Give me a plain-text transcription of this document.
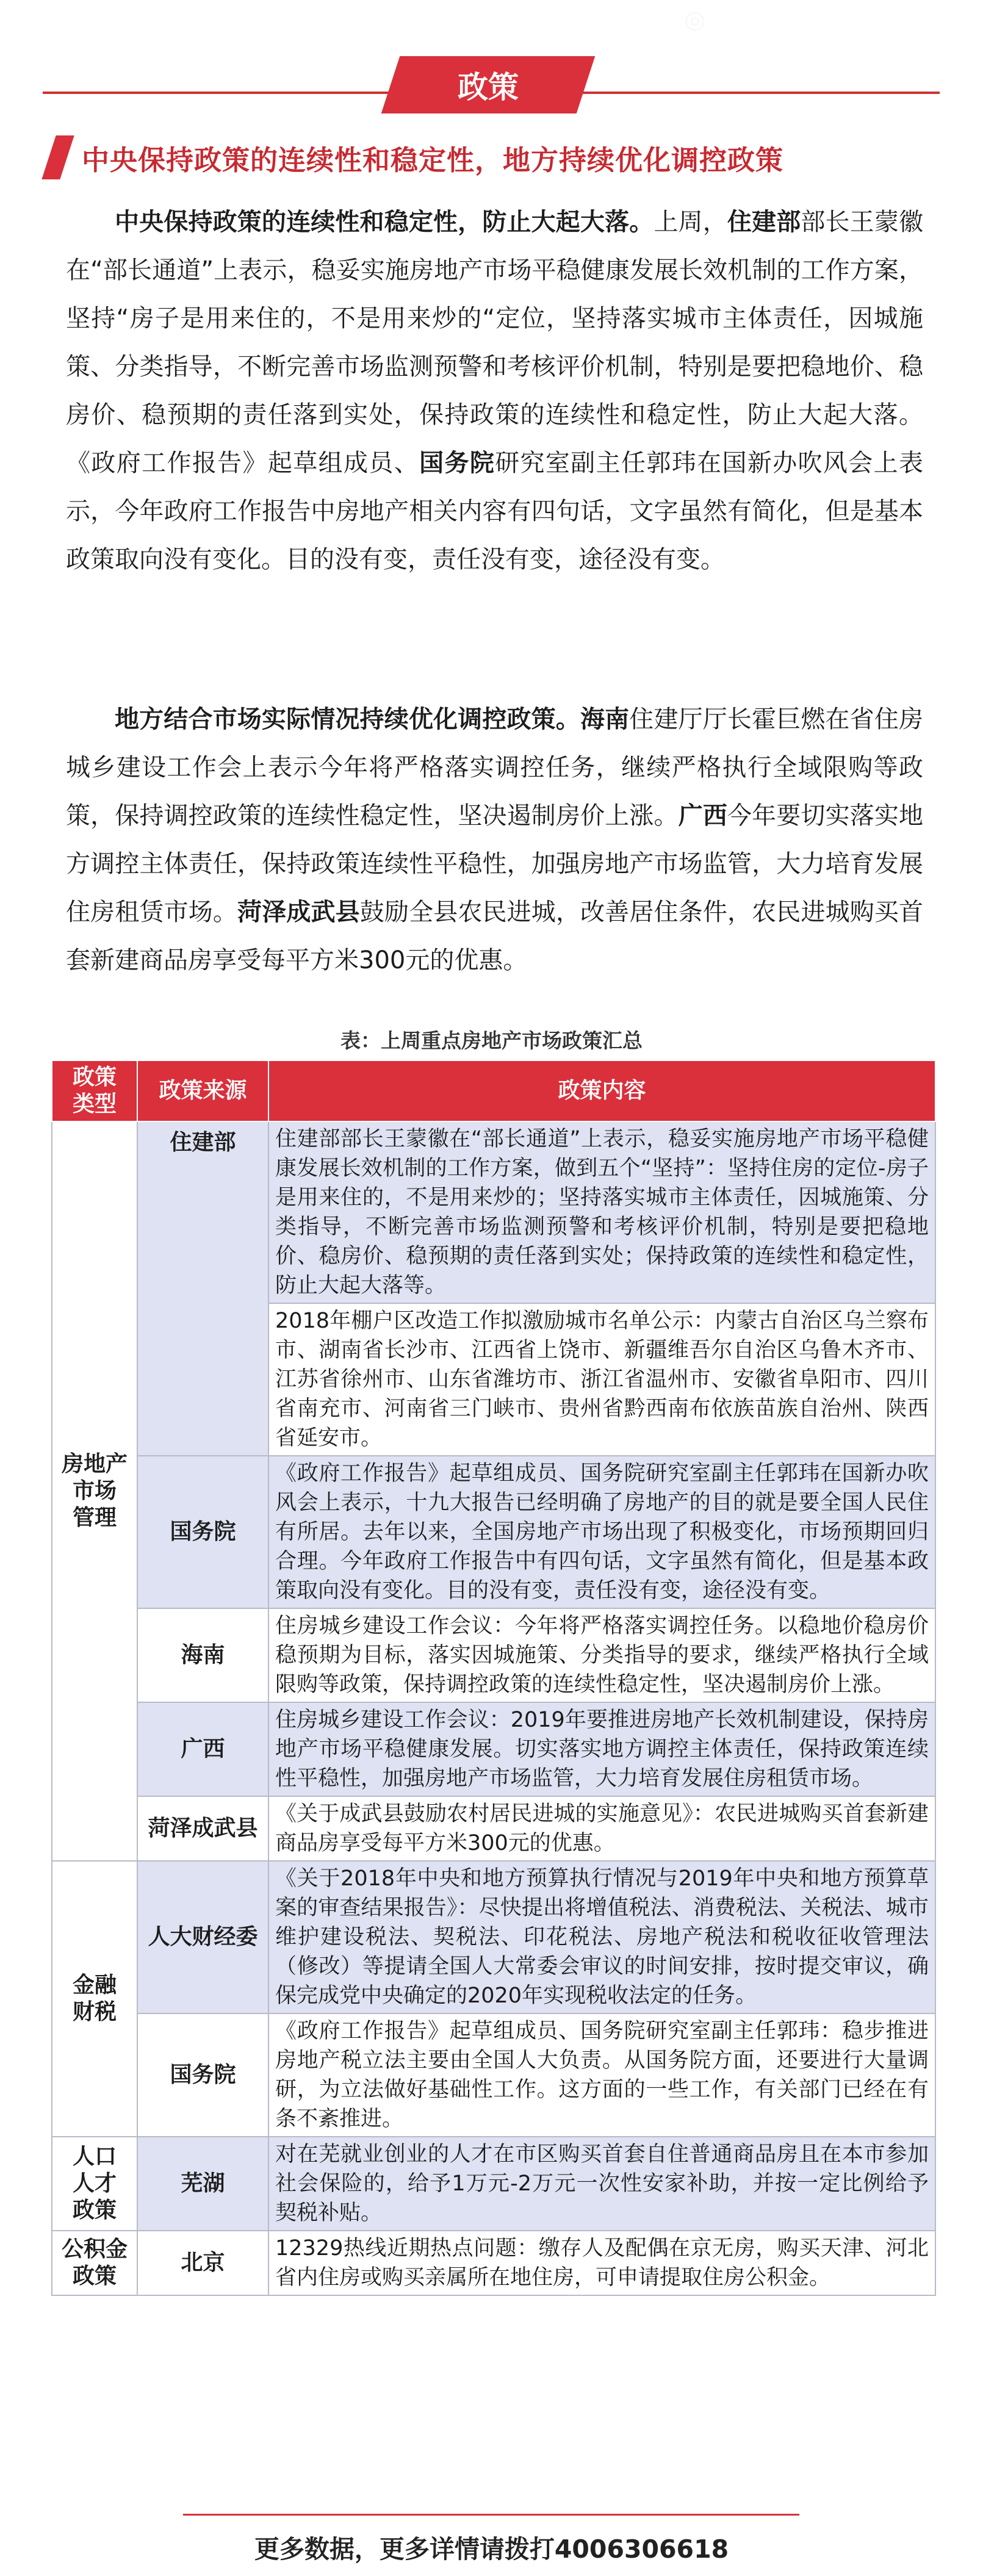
◎
政策
中央保持政策的连续性和稳定性，地方持续优化调控政策
中央保持政策的连续性和稳定性，防止大起大落。上周，住建部部长王蒙徽在“部长通道”上表示，稳妥实施房地产市场平稳健康发展长效机制的工作方案，坚持“房子是用来住的，不是用来炒的“定位，坚持落实城市主体责任，因城施策、分类指导，不断完善市场监测预警和考核评价机制，特别是要把稳地价、稳房价、稳预期的责任落到实处，保持政策的连续性和稳定性，防止大起大落。《政府工作报告》起草组成员、国务院研究室副主任郭玮在国新办吹风会上表示，今年政府工作报告中房地产相关内容有四句话，文字虽然有简化，但是基本政策取向没有变化。目的没有变，责任没有变，途径没有变。
地方结合市场实际情况持续优化调控政策。海南住建厅厅长霍巨燃在省住房城乡建设工作会上表示今年将严格落实调控任务，继续严格执行全域限购等政策，保持调控政策的连续性稳定性，坚决遏制房价上涨。广西今年要切实落实地方调控主体责任，保持政策连续性平稳性，加强房地产市场监管，大力培育发展住房租赁市场。菏泽成武县鼓励全县农民进城，改善居住条件，农民进城购买首套新建商品房享受每平方米300元的优惠。
表：上周重点房地产市场政策汇总
政策
类型	政策来源	政策内容
房地产
市场
管理	住建部	住建部部长王蒙徽在“部长通道”上表示，稳妥实施房地产市场平稳健康发展长效机制的工作方案，做到五个“坚持”：坚持住房的定位-房子是用来住的，不是用来炒的；坚持落实城市主体责任，因城施策、分类指导，不断完善市场监测预警和考核评价机制，特别是要把稳地价、稳房价、稳预期的责任落到实处；保持政策的连续性和稳定性，防止大起大落等。
		2018年棚户区改造工作拟激励城市名单公示：内蒙古自治区乌兰察布市、湖南省长沙市、江西省上饶市、新疆维吾尔自治区乌鲁木齐市、江苏省徐州市、山东省潍坊市、浙江省温州市、安徽省阜阳市、四川省南充市、河南省三门峡市、贵州省黔西南布依族苗族自治州、陕西省延安市。
	国务院	《政府工作报告》起草组成员、国务院研究室副主任郭玮在国新办吹风会上表示，十九大报告已经明确了房地产的目的就是要全国人民住有所居。去年以来，全国房地产市场出现了积极变化，市场预期回归合理。今年政府工作报告中有四句话，文字虽然有简化，但是基本政策取向没有变化。目的没有变，责任没有变，途径没有变。
	海南	住房城乡建设工作会议：今年将严格落实调控任务。以稳地价稳房价稳预期为目标，落实因城施策、分类指导的要求，继续严格执行全域限购等政策，保持调控政策的连续性稳定性，坚决遏制房价上涨。
	广西	住房城乡建设工作会议：2019年要推进房地产长效机制建设，保持房地产市场平稳健康发展。切实落实地方调控主体责任，保持政策连续性平稳性，加强房地产市场监管，大力培育发展住房租赁市场。
	菏泽成武县	《关于成武县鼓励农村居民进城的实施意见》：农民进城购买首套新建商品房享受每平方米300元的优惠。
金融
财税	人大财经委	《关于2018年中央和地方预算执行情况与2019年中央和地方预算草案的审查结果报告》：尽快提出将增值税法、消费税法、关税法、城市维护建设税法、契税法、印花税法、房地产税法和税收征收管理法（修改）等提请全国人大常委会审议的时间安排，按时提交审议，确保完成党中央确定的2020年实现税收法定的任务。
	国务院	《政府工作报告》起草组成员、国务院研究室副主任郭玮：稳步推进房地产税立法主要由全国人大负责。从国务院方面，还要进行大量调研，为立法做好基础性工作。这方面的一些工作，有关部门已经在有条不紊推进。
人口
人才
政策	芜湖	对在芜就业创业的人才在市区购买首套自住普通商品房且在本市参加社会保险的，给予1万元-2万元一次性安家补助，并按一定比例给予契税补贴。
公积金
政策	北京	12329热线近期热点问题：缴存人及配偶在京无房，购买天津、河北省内住房或购买亲属所在地住房，可申请提取住房公积金。
更多数据，更多详情请拨打4006306618
